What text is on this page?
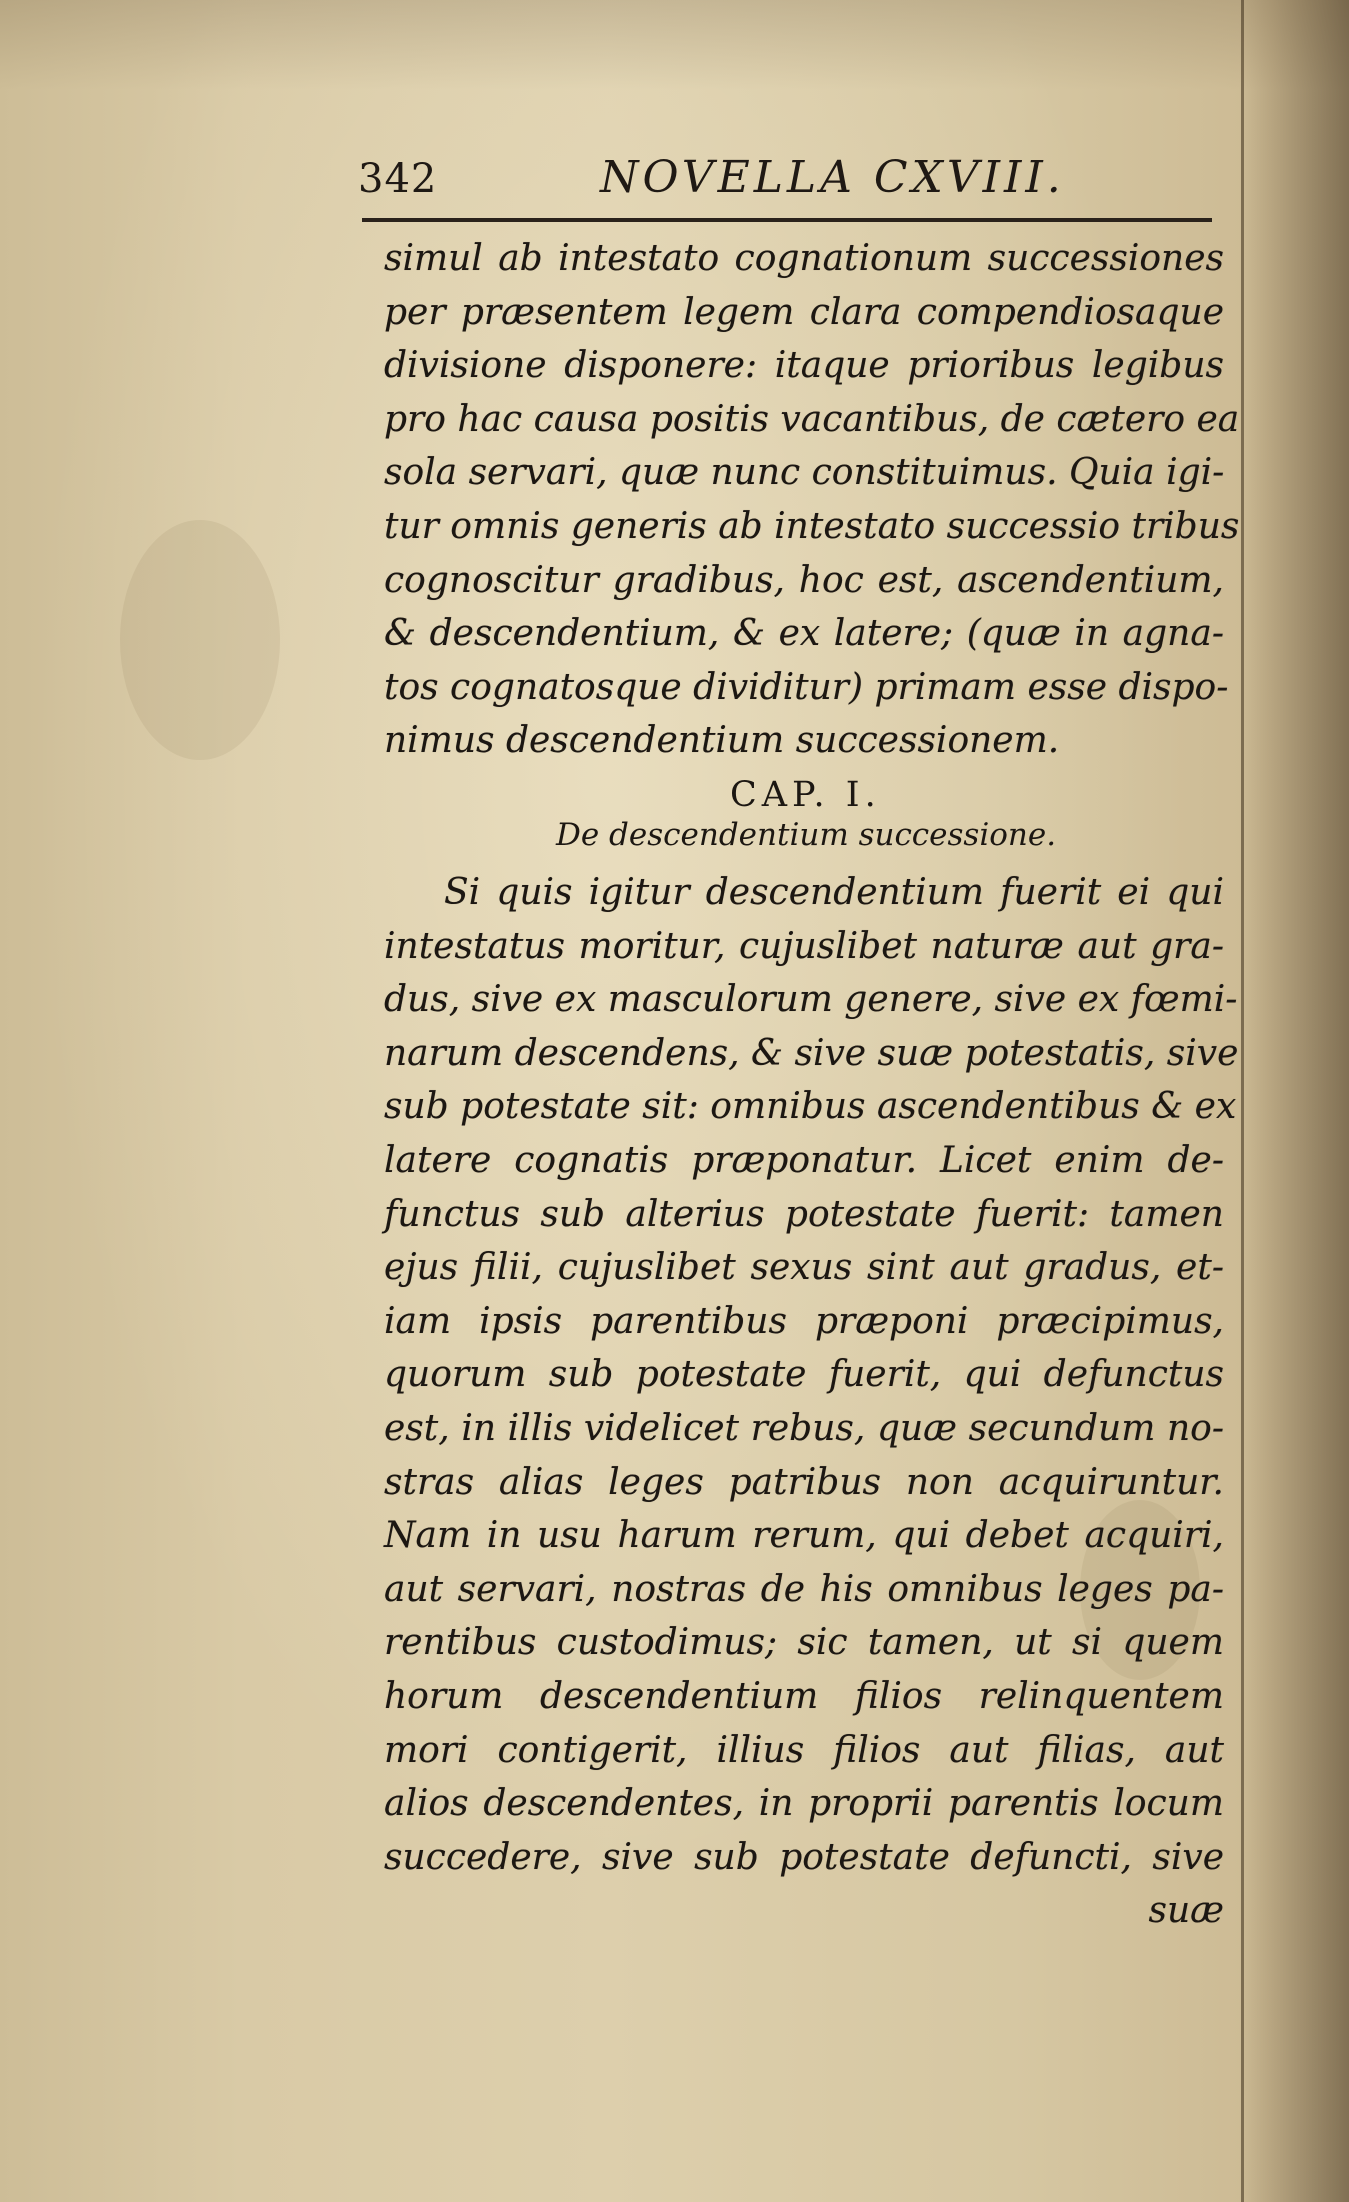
342	NOVELLA CXVIII.
simul ab intestato cognationum successiones
per præsentem legem clara compendiosaque
divisione disponere: itaque prioribus legibus
pro hac causa positis vacantibus, de cætero ea
sola servari, quæ nunc constituimus. Quia igi-
tur omnis generis ab intestato successio tribus
cognoscitur gradibus, hoc est, ascendentium,
& descendentium, & ex latere; (quæ in agna-
tos cognatosque dividitur) primam esse dispo-
nimus descendentium successionem.
CAP. I.
De descendentium successione.
Si quis igitur descendentium fuerit ei qui
intestatus moritur, cujuslibet naturæ aut gra-
dus, sive ex masculorum genere, sive ex fœmi-
narum descendens, & sive suæ potestatis, sive
sub potestate sit: omnibus ascendentibus & ex
latere cognatis præponatur. Licet enim de-
functus sub alterius potestate fuerit: tamen
ejus filii, cujuslibet sexus sint aut gradus, et-
iam ipsis parentibus præponi præcipimus,
quorum sub potestate fuerit, qui defunctus
est, in illis videlicet rebus, quæ secundum no-
stras alias leges patribus non acquiruntur.
Nam in usu harum rerum, qui debet acquiri,
aut servari, nostras de his omnibus leges pa-
rentibus custodimus; sic tamen, ut si quem
horum descendentium filios relinquentem
mori contigerit, illius filios aut filias, aut
alios descendentes, in proprii parentis locum
succedere, sive sub potestate defuncti, sive
suæ
